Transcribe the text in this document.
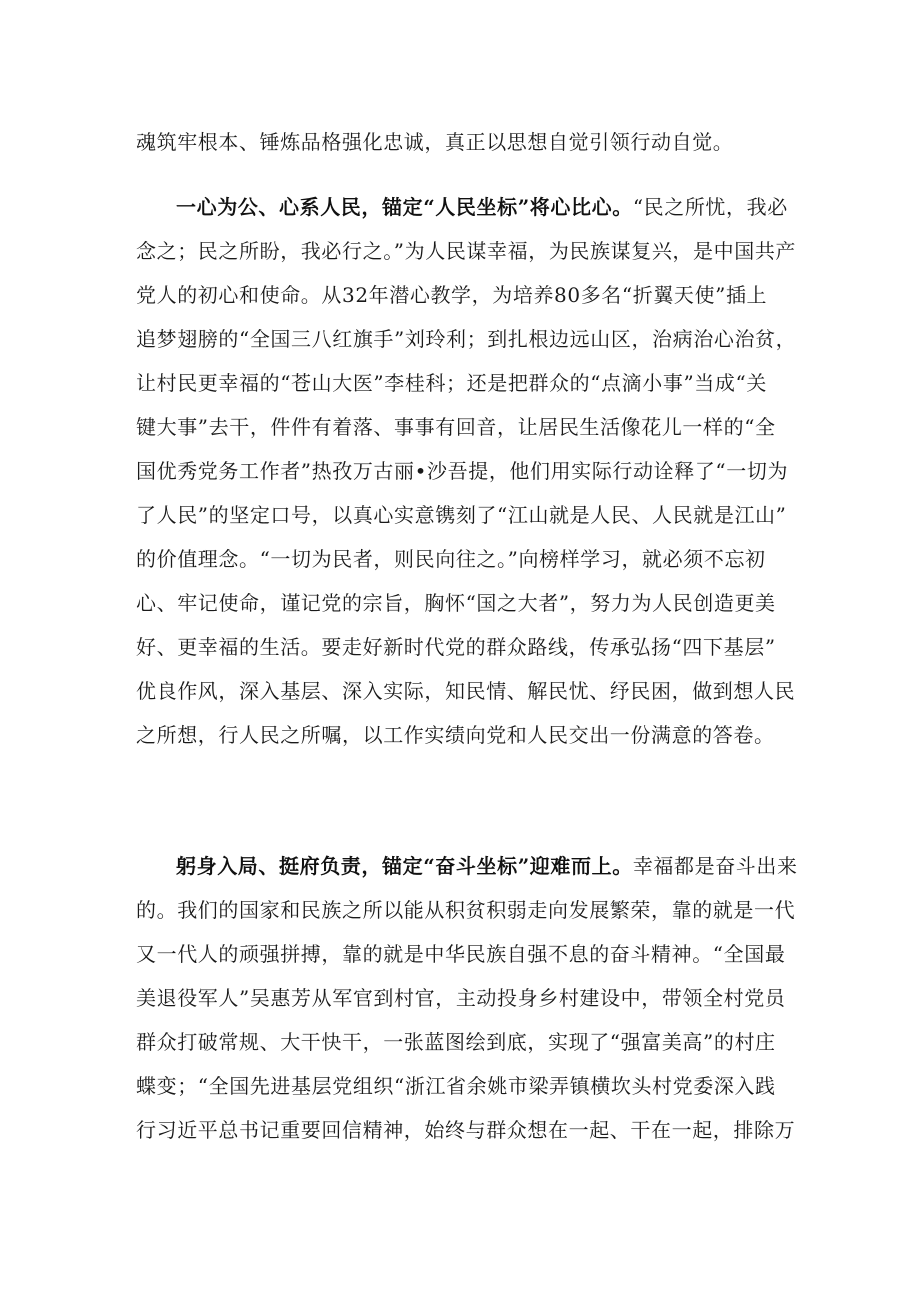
魂筑牢根本、锤炼品格强化忠诚，真正以思想自觉引领行动自觉。
一心为公、心系人民，锚定“人民坐标”将心比心。“民之所忧，我必
念之；民之所盼，我必行之。”为人民谋幸福，为民族谋复兴，是中国共产
党人的初心和使命。从32年潜心教学，为培养80多名“折翼天使”插上
追梦翅膀的“全国三八红旗手”刘玲利；到扎根边远山区，治病治心治贫，
让村民更幸福的“苍山大医”李桂科；还是把群众的“点滴小事”当成“关
键大事”去干，件件有着落、事事有回音，让居民生活像花儿一样的“全
国优秀党务工作者”热孜万古丽•沙吾提，他们用实际行动诠释了“一切为
了人民”的坚定口号，以真心实意镌刻了“江山就是人民、人民就是江山”
的价值理念。“一切为民者，则民向往之。”向榜样学习，就必须不忘初
心、牢记使命，谨记党的宗旨，胸怀“国之大者”，努力为人民创造更美
好、更幸福的生活。要走好新时代党的群众路线，传承弘扬“四下基层”
优良作风，深入基层、深入实际，知民情、解民忧、纾民困，做到想人民
之所想，行人民之所嘱，以工作实绩向党和人民交出一份满意的答卷。
躬身入局、挺府负责，锚定“奋斗坐标”迎难而上。幸福都是奋斗出来
的。我们的国家和民族之所以能从积贫积弱走向发展繁荣，靠的就是一代
又一代人的顽强拼搏，靠的就是中华民族自强不息的奋斗精神。“全国最
美退役军人”吴惠芳从军官到村官，主动投身乡村建设中，带领全村党员
群众打破常规、大干快干，一张蓝图绘到底，实现了“强富美高”的村庄
蝶变；“全国先进基层党组织“浙江省余姚市梁弄镇横坎头村党委深入践
行习近平总书记重要回信精神，始终与群众想在一起、干在一起，排除万
